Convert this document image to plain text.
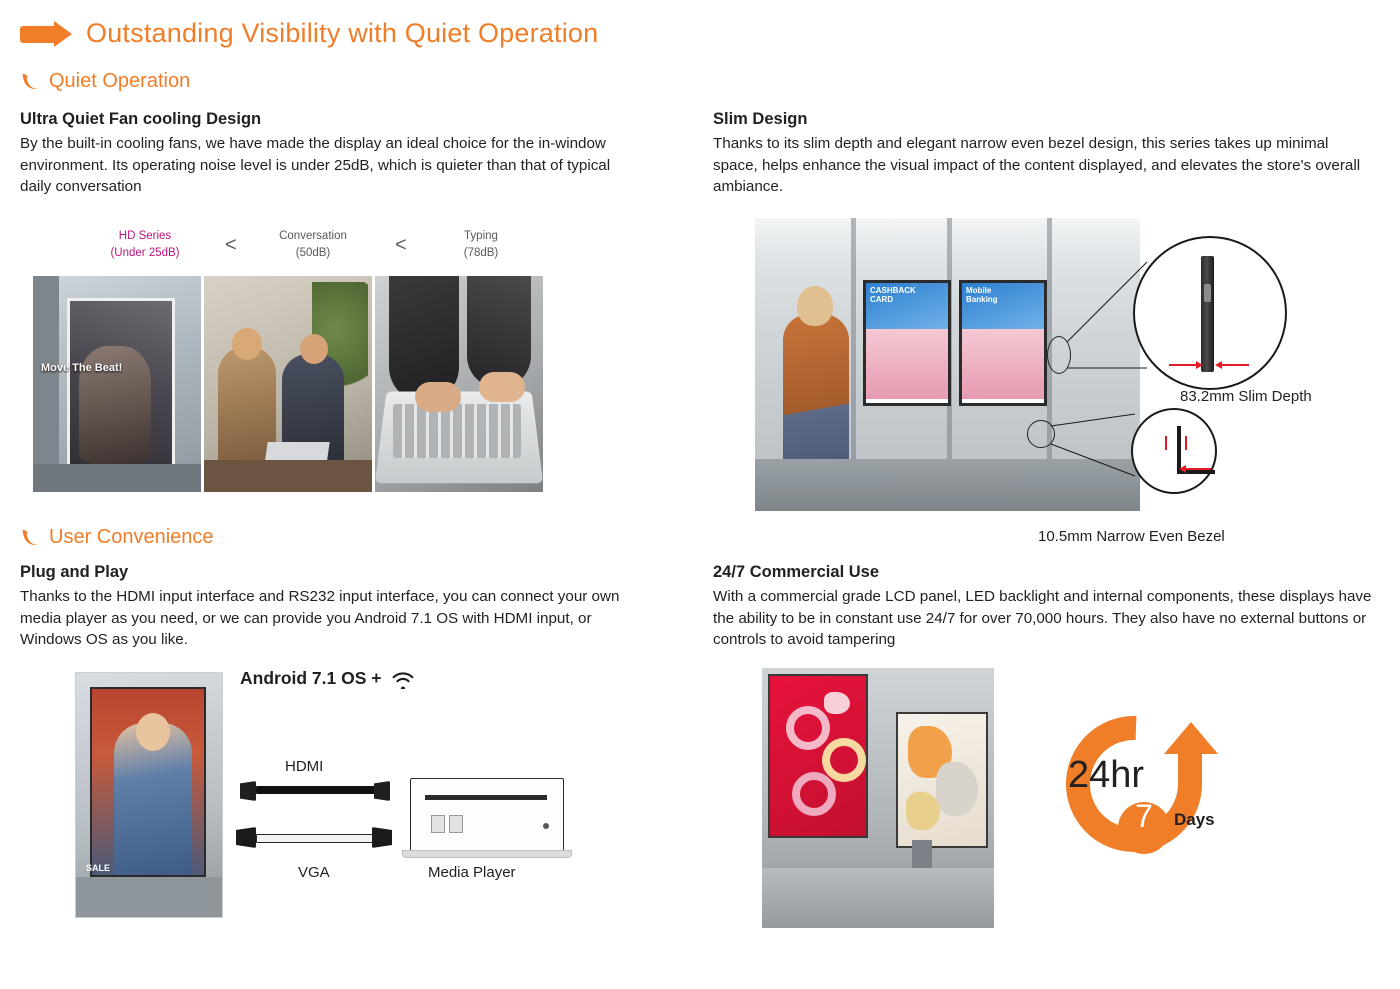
Outstanding Visibility with Quiet Operation
Quiet Operation
Ultra Quiet Fan cooling Design

By the built-in cooling fans, we have made the display an ideal choice for the in-window environment. Its operating noise level is under 25dB, which is quieter than that of typical daily conversation

Slim Design

Thanks to its slim depth and elegant narrow even bezel design, this series takes up minimal space, helps enhance the visual impact of the content displayed, and elevates the store's overall ambiance.

HD Series
(Under 25dB)	<	Conversation
(50dB)	<	Typing
(78dB)
Move The Beat!
CASHBACK
CARD
Mobile
Banking
83.2mm Slim Depth
10.5mm Narrow Even Bezel
User Convenience
Plug and Play

Thanks to the HDMI input interface and RS232 input interface, you can connect your own media player as you need, or we can provide you Android 7.1 OS with HDMI input, or Windows OS as you like.

24/7 Commercial Use

With a commercial grade LCD panel, LED backlight and internal components, these displays have the ability to be in constant use 24/7 for over 70,000 hours. They also have no external buttons or controls to avoid tampering

SALE
Android 7.1 OS +
HDMI
VGA	Media Player
24hr
7 Days
